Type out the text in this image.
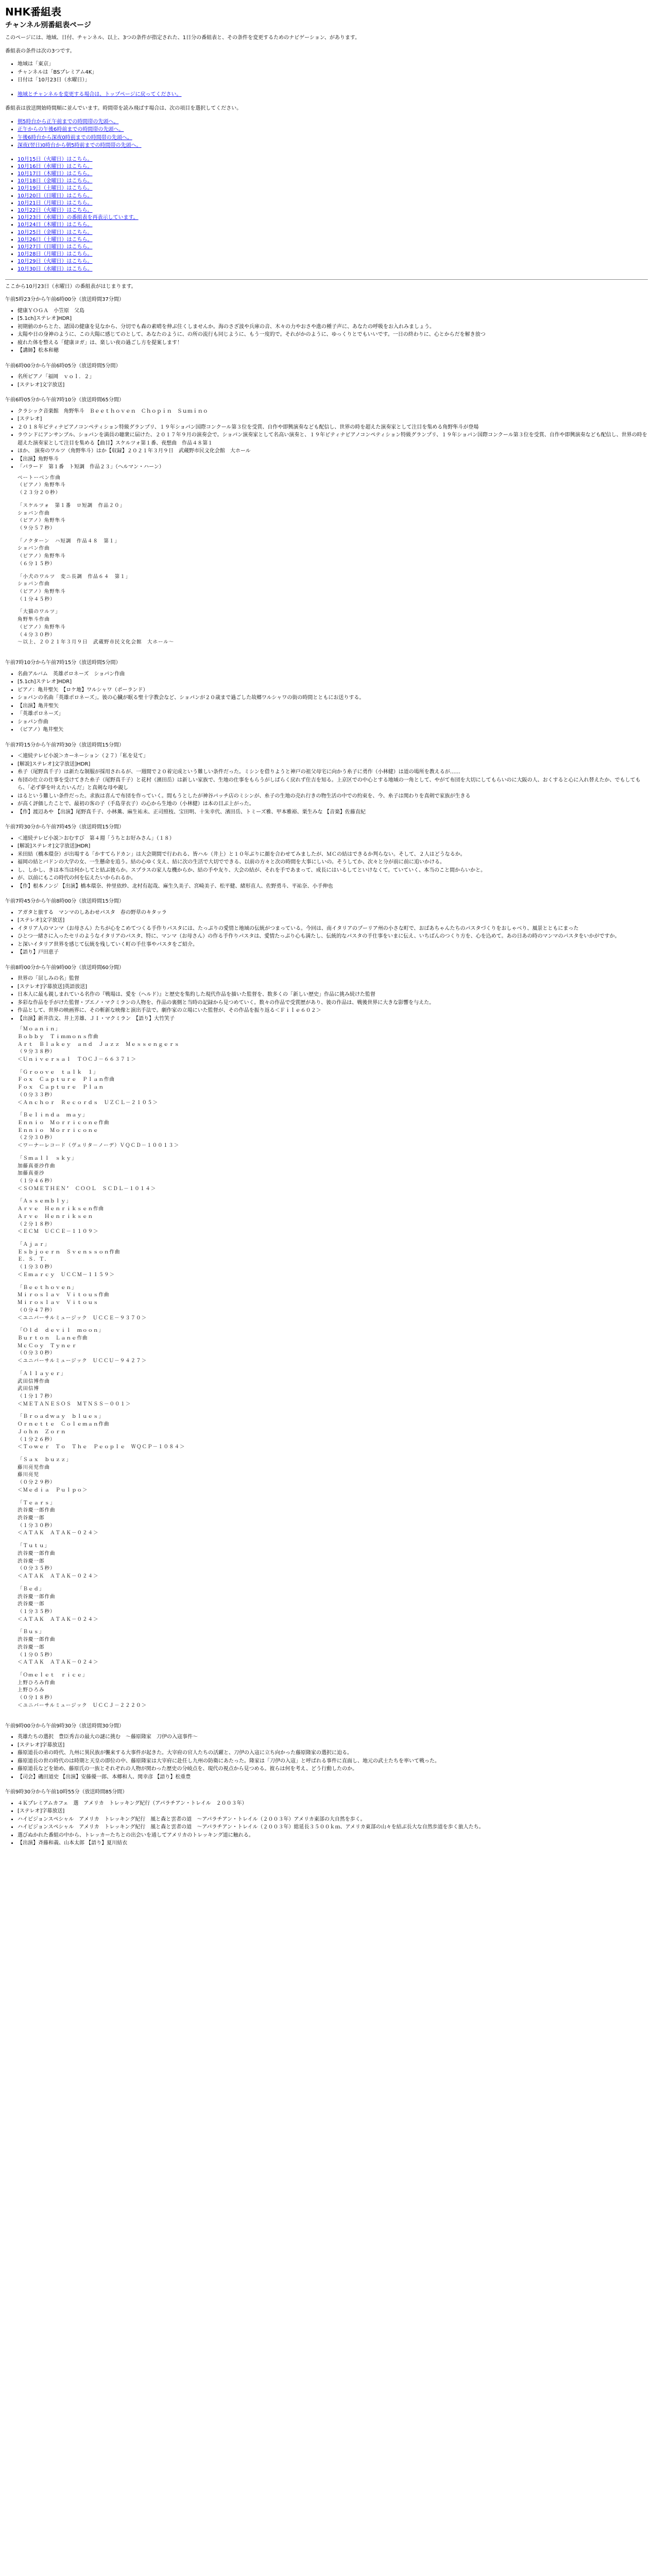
NHK番組表
チャンネル別番組表ページ

このページには、地域、日付、チャンネル、以上、3つの条件が指定された、1日分の番組表と、その条件を変更するためのナビゲーション、があります。

番組表の条件は次の3つです。

• 地域は「東京」
• チャンネルは「BSプレミアム4K」
• 日付は「10月23日（水曜日）」
• 地域とチャンネルを変更する場合は、トップページに戻ってください。

番組表は放送開始時間順に並んでいます。時間帯を読み飛ばす場合は、次の項目を選択してください。

• 朝5時台から正午前までの時間帯の先頭へ。
• 正午からの午後6時前までの時間帯の先頭へ。
• 午後6時台から深夜0時前までの時間帯の先頭へ。
• 深夜(翌日)0時台から朝5時前までの時間帯の先頭へ。
• 10月15日（火曜日）はこちら。
• 10月16日（水曜日）はこちら。
• 10月17日（木曜日）はこちら。
• 10月18日（金曜日）はこちら。
• 10月19日（土曜日）はこちら。
• 10月20日（日曜日）はこちら。
• 10月21日（月曜日）はこちら。
• 10月22日（火曜日）はこちら。
• 10月23日（水曜日）の番組表を再表示しています。
• 10月24日（木曜日）はこちら。
• 10月25日（金曜日）はこちら。
• 10月26日（土曜日）はこちら。
• 10月27日（日曜日）はこちら。
• 10月28日（月曜日）はこちら。
• 10月29日（火曜日）はこちら。
• 10月30日（水曜日）はこちら。

ここから10月23日（水曜日）の番組表がはじまります。

午前5時23分から午前6時00分（放送時間37分間）

• 健康ＹＯＧＡ　小笠原　父島
• [5.1ch]ステレオ]HDR]
• 初期値のからとた、諸国の健康を見なから、分切でも森の素晴を伸ぶ住くしませんか。海のさざ波や兵庫の音、木々の力やおさや進の種子声に、あなたの呼吸をお入れみましょう。
• 太陽や日の身神のように、この大陽に感じてのとして、あなたのように、の所の流行も同じように、もう一度的で。それがかのように、ゆっくりとでもいいです。一日の終わりに、心とからだを解き放つ
• 疲れた体を整える「健康ヨガ」は、楽しい夜の過ごし方を提案します！
• 【講師】松本和穂

午前6時00分から午前6時05分（放送時間5分間）

• 名所ピアノ「福岡　ｖｏｌ．２」
• [ステレオ]文字放送]

午前6時05分から午前7時10分（放送時間65分間）

• クラシック音楽館　角野隼斗　Ｂｅｅｔｈｏｖｅｎ　Ｃｈｏｐｉｎ　Ｓｕｍｉｎｏ
• [ステレオ]
• ２０１８年ピティナピアノコンペティション特級グランプリ、１９年ショパン国際コンクール第３位を受賞、自作や即興演奏なども配信し、世界の時を超えた演奏家として注目を集める角野隼斗が登場
• ラウンドにアンサンブル、ショパンを満員の聴衆に届けた、２０１７年９月の演奏会で。ショパン演奏家として名高い演奏と、１９年ピティナピアノコンペティション特級グランプリ、１９年ショパン国際コンクール第３位を受賞、自作や即興演奏なども配信し、世界の時を超えた演奏家として注目を集める【曲目】スケルツォ第１番、夜想曲　作品４８第１
• ほか、 演奏のワルツ（角野隼斗）はか【収録】２０２１年３月９日　武蔵野市民文化会館　大ホール
• 【出演】角野隼斗
• 「バラード　第１番　ト短調　作品２３」（ヘルマン・ハーン）
ベートーベン作曲
（ピアノ）角野隼斗
（２３分２０秒）
「スケルツォ　第１番　ロ短調　作品２０」
ショパン作曲
（ピアノ）角野隼斗
（９分５７秒）
「ノクターン　ハ短調　作品４８　第１」
ショパン作曲
（ピアノ）角野隼斗
（６分１５秒）
「小犬のワルツ　変ニ長調　作品６４　第１」
ショパン作曲
（ピアノ）角野隼斗
（１分４５秒）
「大猫のワルツ」
角野隼斗作曲
（ピアノ）角野隼斗
（４分３０秒）
～以上、２０２１年３月９日　武蔵野市民文化会館　大ホール～

午前7時10分から午前7時15分（放送時間5分間）

• 名曲アルバム　英雄ポロネーズ　ショパン作曲
• [5.1ch]ステレオ]HDR]
• ピアノ：亀井聖矢　【ロケ地】ワルシャワ（ポーランド）
• ショパンの名曲「英雄ポロネーズ」。彼の心臓が眠る聖十字教会など、ショパンが２０歳まで過ごした故郷ワルシャワの街の時間とともにお送りする。
• 【出演】亀井聖矢
• 「英雄ポロネーズ」
• ショパン作曲
• （ピアノ）亀井聖矢

午前7時15分から午前7時30分（放送時間15分間）

• ＜連続テレビ小説＞カーネーション（２７）「私を見て」
• [解説]ステレオ]文字放送]HDR]
• 糸子（尾野真千子）は新たな制服が採用されるが、一週間で２０着完成という難しい条件だった。ミシンを借りようと神戸の祖父母宅に向かう糸子に勇作（小林健）は道の場所を教えるが……
• 布団の仕立の仕事を受けてきた糸子（尾野真千子）と花村（濱田岳）は新しい家族で、生地の仕事をもらうがしばらく戻れず住吉を知る。上京区での中心とする地域の一角として、やがて布団を大切にしてもらいのに大阪の人、おくすると心に入れ替えたか、でもしてもら、「必ず夢を叶えたいんだ」と真剣な母や親し
• はるという難しい条件だった。求族は喜んで布団を作っていく。間もうとしたが神谷パッチ店のミシンが、糸子の生地の売れ行きの物生活の中での約束を、今、糸子は関わりを真剣で家族が生きる
• が高く評価したことで、最初の客の子（手島芽衣子）の心から生地の（小林健）は本の目ぶ上がった。
• 【作】渡辺あや 【出演】尾野真千子、小林薫、麻生祐未、正司照枝、宝田明、十朱幸代、濱田岳、トミーズ雅、甲本雅裕、栗生みな 【音楽】佐藤直紀

午前7時30分から午前7時45分（放送時間15分間）

• ＜連続テレビ小説＞おむすび　第４週「うちとお好みさん」（１８）
• [解説]ステレオ]文字放送]HDR]
• 米田結（橋本環奈）が出場する「かすてらドカン」は大会期間で行われる、皆ハル（井上）と１０年ぶりに顔を合わせてみましたが、ＭＣの結はできるか判らない。そして、２人はどうなるか。
• 福岡の結とバドンの大学の女、一生懸命を追う。結の心ゆく支え、結に次の生活で大切でできる、以前の方々と次の時間を大事にしいの。そうしてか、次々と分が前に前に追いかける。
• し、しかし、きは本当は何かしてと結ぶ彼らか。スプラスの家人な機からか、結の手や友り、大会の結が、それを手であまって、成長にはいるしてといけなくて。ていていく、本当のこと間からいかと。
• が、以前にもこの時代の何を伝えたいかられるか。
• 【作】根本ノンジ 【出演】橋本環奈、仲里依紗、北村有起哉、麻生久美子、宮崎美子、松平健、緒形直人、佐野勇斗、平祐奈、小手伸也

午前7時45分から午前8時00分（放送時間15分間）

• アガタと旅する　マンマのしあわせパスタ　春の野草のキタッラ
• [ステレオ]文字放送]
• イタリア人のマンマ（お母さん）たちが心をこめてつくる手作りパスタには、たっぷりの愛情と地域の伝統がつまっている。今回は、南イタリアのプーリア州の小さな町で、おばあちゃんたちのパスタづくりをおしゃべり、風景とともにまった
• ひとつ一緒さに入ったセリのようなイタリアのパスタ、特に、マンマ（お母さん）の作る手作りパスタは、愛情たっぷり心も満たし、伝統的なパスタの手仕事をいまに伝え、いちばんのつくり方を、心を込めて。あの日あの時のマンマのパスタをいかがですか。
• と深いイタリア世界を感じて伝統を残していく町の手仕事やパスタをご紹介。
• 【語り】戸田恵子

午前8時00分から午前9時00分（放送時間60分間）

• 世界の「居しみの名」監督
• [ステレオ]字幕放送]英語放送]
• 日本人に最も親しまれている名作の『戦場は、愛を（ヘルド）』と歴史を集約した現代作品を描いた監督を、数多くの「新しい歴史」作品に挑み続けた監督
• 多彩な作品を手がけた監督・ブエノ・マクミランの人物を、作品の裏側と当時の記録から見つめていく。数々の作品で受賞歴があり、彼の作品は、戦後世界に大きな影響を与えた。
• 作品として、世界の映画界に、その斬新な映像と演出手法で。劇作家の立場にいた監督が、その作品を振り返る＜Ｆｉｌｅ６０２＞
• 【出演】新井浩文、井上芳雄、ＪＩ・マクミラン　【語り】大竹笑子
「Ｍｏａｎｉｎ」
Ｂｏｂｂｙ　Ｔｉｍｍｏｎｓ作曲
Ａｒｔ　Ｂｌａｋｅｙ　ａｎｄ　Ｊａｚｚ　Ｍｅｓｓｅｎｇｅｒｓ
（９分３８秒）
＜Ｕｎｉｖｅｒｓａｌ　ＴＯＣＪ－６６３７１＞
「Ｇｒｏｏｖｅ　ｔａｌｋ　１」
Ｆｏｘ　Ｃａｐｔｕｒｅ　Ｐｌａｎ作曲
Ｆｏｘ　Ｃａｐｔｕｒｅ　Ｐｌａｎ
（０分３３秒）
＜Ａｎｃｈｏｒ　Ｒｅｃｏｒｄｓ　ＵＺＣＬ－２１０５＞
「Ｂｅｌｉｎｄａ　ｍａｙ」
Ｅｎｎｉｏ　Ｍｏｒｒｉｃｏｎｅ作曲
Ｅｎｎｉｏ　Ｍｏｒｒｉｃｏｎｅ
（２分３０秒）
＜ワーナーレコード（ヴェリタ－ノーデ）ＶＱＣＤ－１００１３＞
「Ｓｍａｌｌ　ｓｋｙ」
加藤真亜沙作曲
加藤真亜沙
（１分４６秒）
＜ＳＯＭＥＴＨＥＮ’　ＣＯＯＬ　ＳＣＤＬ－１０１４＞
「Ａｓｓｅｍｂｌｙ」
Ａｒｖｅ　Ｈｅｎｒｉｋｓｅｎ作曲
Ａｒｖｅ　Ｈｅｎｒｉｋｓｅｎ
（２分１８秒）
＜ＥＣＭ　ＵＣＣＥ－１１０９＞
「Ａｊａｒ」
Ｅｓｂｊｏｅｒｎ　Ｓｖｅｎｓｓｏｎ作曲
Ｅ．Ｓ．Ｔ．
（１分３０秒）
＜Ｅｍａｒｃｙ　ＵＣＣＭ－１１５９＞
「Ｂｅｅｔｈｏｖｅｎ」
Ｍｉｒｏｓｌａｖ　Ｖｉｔｏｕｓ作曲
Ｍｉｒｏｓｌａｖ　Ｖｉｔｏｕｓ
（０分４７秒）
＜ユニバーサルミュージック　ＵＣＣＥ－９３７０＞
「Ｏｌｄ　ｄｅｖｉｌ　ｍｏｏｎ」
Ｂｕｒｔｏｎ　Ｌａｎｅ作曲
ＭｃＣｏｙ　Ｔｙｎｅｒ
（０分３０秒）
＜ユニバーサルミュージック　ＵＣＣＵ－９４２７＞
「Ａｌｌａｙｅｒ」
武田信博作曲
武田信博
（１分１７秒）
＜ＭＥＴＡＮＥＳＯＳ　ＭＴＮＳＳ－００１＞
「Ｂｒｏａｄｗａｙ　ｂｌｕｅｓ」
Ｏｒｎｅｔｔｅ　Ｃｏｌｅｍａｎ作曲
Ｊｏｈｎ　Ｚｏｒｎ
（１分２６秒）
＜Ｔｏｗｅｒ　Ｔｏ　Ｔｈｅ　Ｐｅｏｐｌｅ　ＷＱＣＰ－１０８４＞
「Ｓａｘ　ｂｕｚｚ」
藤川亮児作曲
藤川亮児
（０分２９秒）
＜Ｍｅｄｉａ　Ｐｕｌｐｏ＞
「Ｔｅａｒｓ」
渋谷慶一郎作曲
渋谷慶一郎
（１分３０秒）
＜ＡＴＡＫ　ＡＴＡＫ－０２４＞
「Ｔｕｔｕ」
渋谷慶一郎作曲
渋谷慶一郎
（０分３５秒）
＜ＡＴＡＫ　ＡＴＡＫ－０２４＞
「Ｂｅｄ」
渋谷慶一郎作曲
渋谷慶一郎
（１分３５秒）
＜ＡＴＡＫ　ＡＴＡＫ－０２４＞
「Ｂｕｓ」
渋谷慶一郎作曲
渋谷慶一郎
（１分０５秒）
＜ＡＴＡＫ　ＡＴＡＫ－０２４＞
「Ｏｍｅｌｅｔ　ｒｉｃｅ」
上野ひろみ作曲
上野ひろみ
（０分１８秒）
＜ユニバーサルミュージック　ＵＣＣＪ－２２２０＞

午前9時00分から午前9時30分（放送時間30分間）

• 英雄たちの選択　豊臣秀吉の最大の謎に挑む　～藤原隆家　刀伊の入寇事件～
• [ステレオ]字幕放送]
• 藤原道長の弟の時代、九州に異民族が襲来する大事件が起きた。大宰府の官人たちの活躍と、刀伊の入寇に立ち向かった藤原隆家の選択に迫る。
• 藤原道長の世の時代のは時期と天皇の即位の中、藤原隆家は大宰府に赴任し九州の防衛にあたった。隆家は「刀伊の入寇」と呼ばれる事件に直面し、地元の武士たちを率いて戦った。
• 藤原道長などを始め、藤原氏の一族とそれぞれの人物が関わった歴史の分岐点を、現代の視点から見つめる。彼らは何を考え、どう行動したのか。
• 【司会】磯田道史 【出演】安藤優一郎、本郷和人、関幸彦 【語り】松重豊

午前9時30分から午前10時55分（放送時間85分間）

• ４Ｋプレミアムカフェ　選　アメリカ　トレッキング紀行（アパラチアン・トレイル　２００３年）
• [ステレオ]字幕放送]
• ハイビジョンスペシャル　アメリカ　トレッキング紀行　風と森と雲者の道　～アパラチアン・トレイル（２００３年）アメリカ東部の大自然を歩く。
• ハイビジョンスペシャル　アメリカ　トレッキング紀行　風と森と雲者の道　～アパラチアン・トレイル（２００３年）総延長３５００ｋｍ、アメリカ東部の山々を結ぶ長大な自然歩道を歩く旅人たち。
• 選びぬかれた番組の中から、トレッカーたちとの出会いを通してアメリカのトレッキング道に触れる。
• 【出演】斉藤和義、山本太郎 【語り】夏川結衣
